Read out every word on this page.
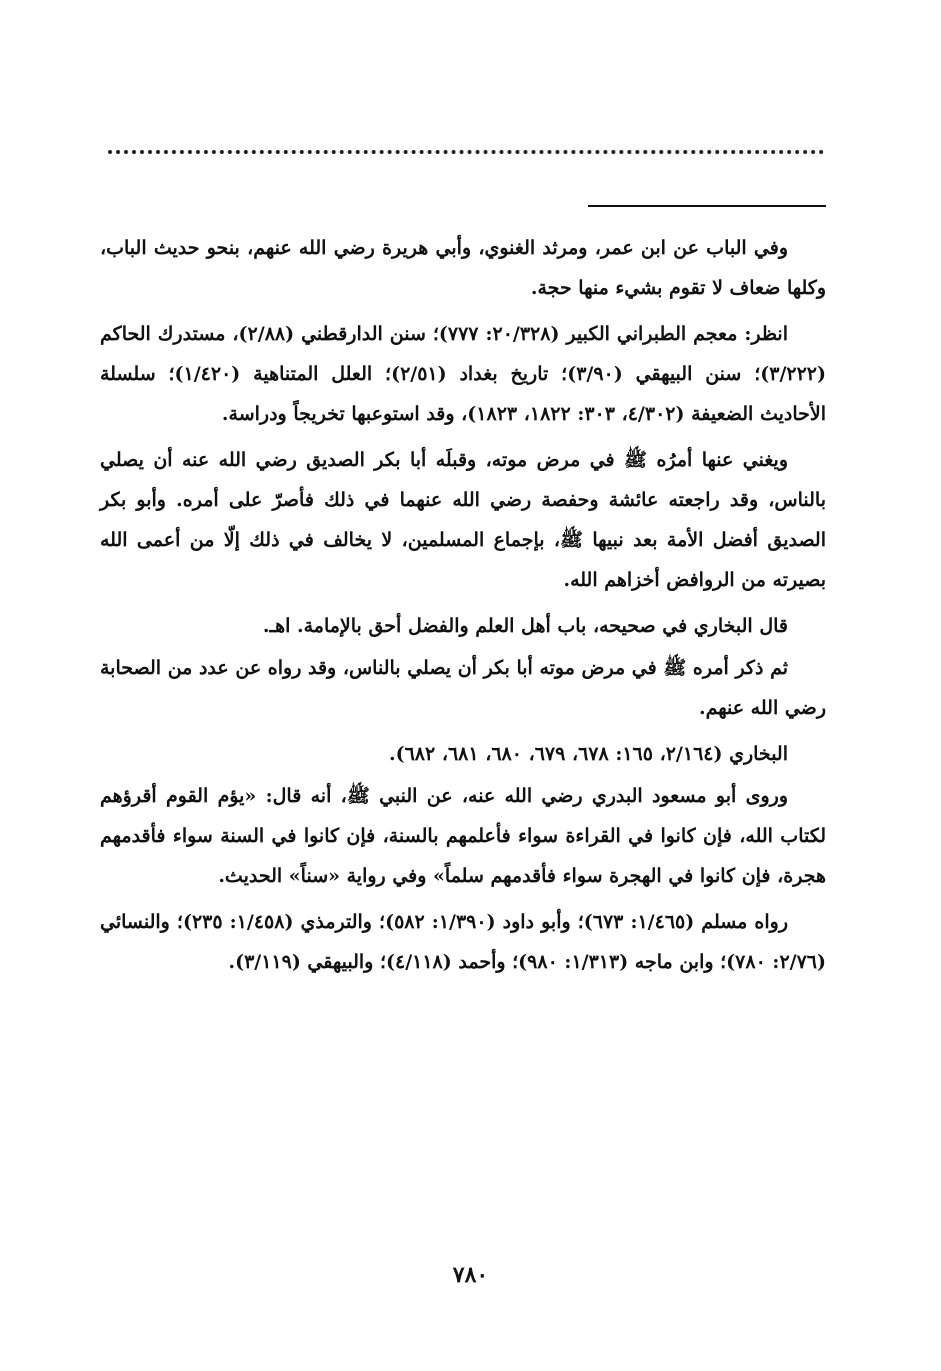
وفي الباب عن ابن عمر، ومرثد الغنوي، وأبي هريرة رضي الله عنهم، بنحو حديث الباب، وكلها ضعاف لا تقوم بشيء منها حجة.

انظر: معجم الطبراني الكبير (٢٠/٣٢٨: ٧٧٧)؛ سنن الدارقطني (٢/٨٨)، مستدرك الحاكم (٣/٢٢٢)؛ سنن البيهقي (٣/٩٠)؛ تاريخ بغداد (٢/٥١)؛ العلل المتناهية (١/٤٢٠)؛ سلسلة الأحاديث الضعيفة (٤/٣٠٢، ٣٠٣: ١٨٢٢، ١٨٢٣)، وقد استوعبها تخريجاً ودراسة.

ويغني عنها أمرُه ﷺ في مرض موته، وقبلَه أبا بكر الصديق رضي الله عنه أن يصلي بالناس، وقد راجعته عائشة وحفصة رضي الله عنهما في ذلك فأصرّ على أمره. وأبو بكر الصديق أفضل الأمة بعد نبيها ﷺ، بإجماع المسلمين، لا يخالف في ذلك إلّا من أعمى الله بصيرته من الروافض أخزاهم الله.

قال البخاري في صحيحه، باب أهل العلم والفضل أحق بالإمامة. اهـ.

ثم ذكر أمره ﷺ في مرض موته أبا بكر أن يصلي بالناس، وقد رواه عن عدد من الصحابة رضي الله عنهم.

البخاري (٢/١٦٤، ١٦٥: ٦٧٨، ٦٧٩، ٦٨٠، ٦٨١، ٦٨٢).

وروى أبو مسعود البدري رضي الله عنه، عن النبي ﷺ، أنه قال: «يؤم القوم أقرؤهم لكتاب الله، فإن كانوا في القراءة سواء فأعلمهم بالسنة، فإن كانوا في السنة سواء فأقدمهم هجرة، فإن كانوا في الهجرة سواء فأقدمهم سلماً» وفي رواية «سناً» الحديث.

رواه مسلم (١/٤٦٥: ٦٧٣)؛ وأبو داود (١/٣٩٠: ٥٨٢)؛ والترمذي (١/٤٥٨: ٢٣٥)؛ والنسائي (٢/٧٦: ٧٨٠)؛ وابن ماجه (١/٣١٣: ٩٨٠)؛ وأحمد (٤/١١٨)؛ والبيهقي (٣/١١٩).

٧٨٠
